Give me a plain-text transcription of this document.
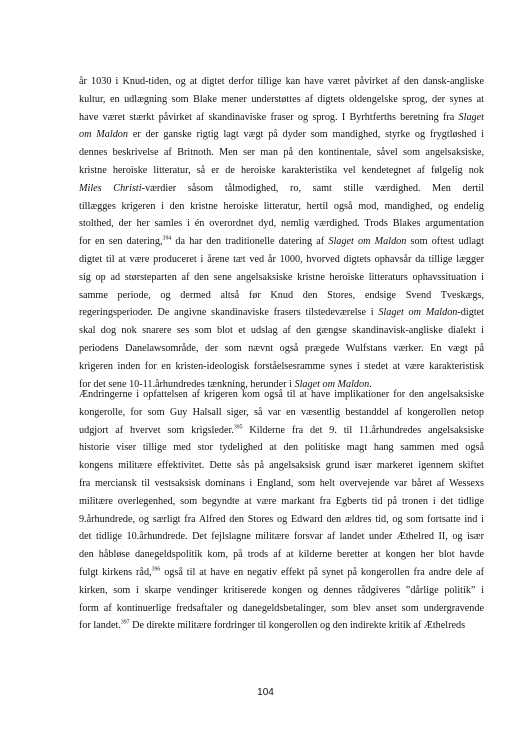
år 1030 i Knud-tiden, og at digtet derfor tillige kan have været påvirket af den dansk-angliske
kultur, en udlægning som Blake mener understøttes af digtets oldengelske sprog, der synes at
have været stærkt påvirket af skandinaviske fraser og sprog. I Byrhtferths beretning fra Slaget
om Maldon er der ganske rigtig lagt vægt på dyder som mandighed, styrke og frygtløshed i
dennes beskrivelse af Britnoth. Men ser man på den kontinentale, såvel som angelsaksiske,
kristne heroiske litteratur, så er de heroiske karakteristika vel kendetegnet af følgelig nok
Miles Christi-værdier såsom tålmodighed, ro, samt stille værdighed. Men dertil
tillægges krigeren i den kristne heroiske litteratur, hertil også mod, mandighed, og endelig
stolthed, der her samles i én overordnet dyd, nemlig værdighed. Trods Blakes argumentation
for en sen datering,$^{394}$ da har den traditionelle datering af Slaget om Maldon som oftest udlagt
digtet til at være produceret i årene tæt ved år 1000, hvorved digtets ophavsår da tillige lægger
sig op ad størsteparten af den sene angelsaksiske kristne heroiske litteraturs ophavssituation i
samme periode, og dermed altså før Knud den Stores, endsige Svend Tveskægs,
regeringsperioder. De angivne skandinaviske frasers tilstedeværelse i Slaget om Maldon-digtet
skal dog nok snarere ses som blot et udslag af den gængse skandinavisk-angliske dialekt i
periodens Danelawsområde, der som nævnt også prægede Wulfstans værker. En vægt på
krigeren inden for en kristen-ideologisk forståelsesramme synes i stedet at være karakteristisk
for det sene 10-11.århundredes tænkning, herunder i Slaget om Maldon.
Ændringerne i opfattelsen af krigeren kom også til at have implikationer for den angelsaksiske
kongerolle, for som Guy Halsall siger, så var en væsentlig bestanddel af kongerollen netop
udgjort af hvervet som krigsleder.$^{395}$ Kilderne fra det 9. til 11.århundredes angelsaksiske
historie viser tillige med stor tydelighed at den politiske magt hang sammen med også
kongens militære effektivitet. Dette sås på angelsaksisk grund især markeret igennem skiftet
fra merciansk til vestsaksisk dominans i England, som helt overvejende var båret af Wessexs
militære overlegenhed, som begyndte at være markant fra Egberts tid på tronen i det tidlige
9.århundrede, og særligt fra Alfred den Stores og Edward den ældres tid, og som fortsatte ind i
det tidlige 10.århundrede. Det fejlslagne militære forsvar af landet under Æthelred II, og især
den håbløse danegeldspolitik kom, på trods af at kilderne beretter at kongen her blot havde
fulgt kirkens råd,$^{396}$ også til at have en negativ effekt på synet på kongerollen fra andre dele af
kirken, som i skarpe vendinger kritiserede kongen og dennes rådgiveres ”dårlige politik” i
form af kontinuerlige fredsaftaler og danegeldsbetalinger, som blev anset som undergravende
for landet.$^{397}$ De direkte militære fordringer til kongerollen og den indirekte kritik af Æthelreds
104
